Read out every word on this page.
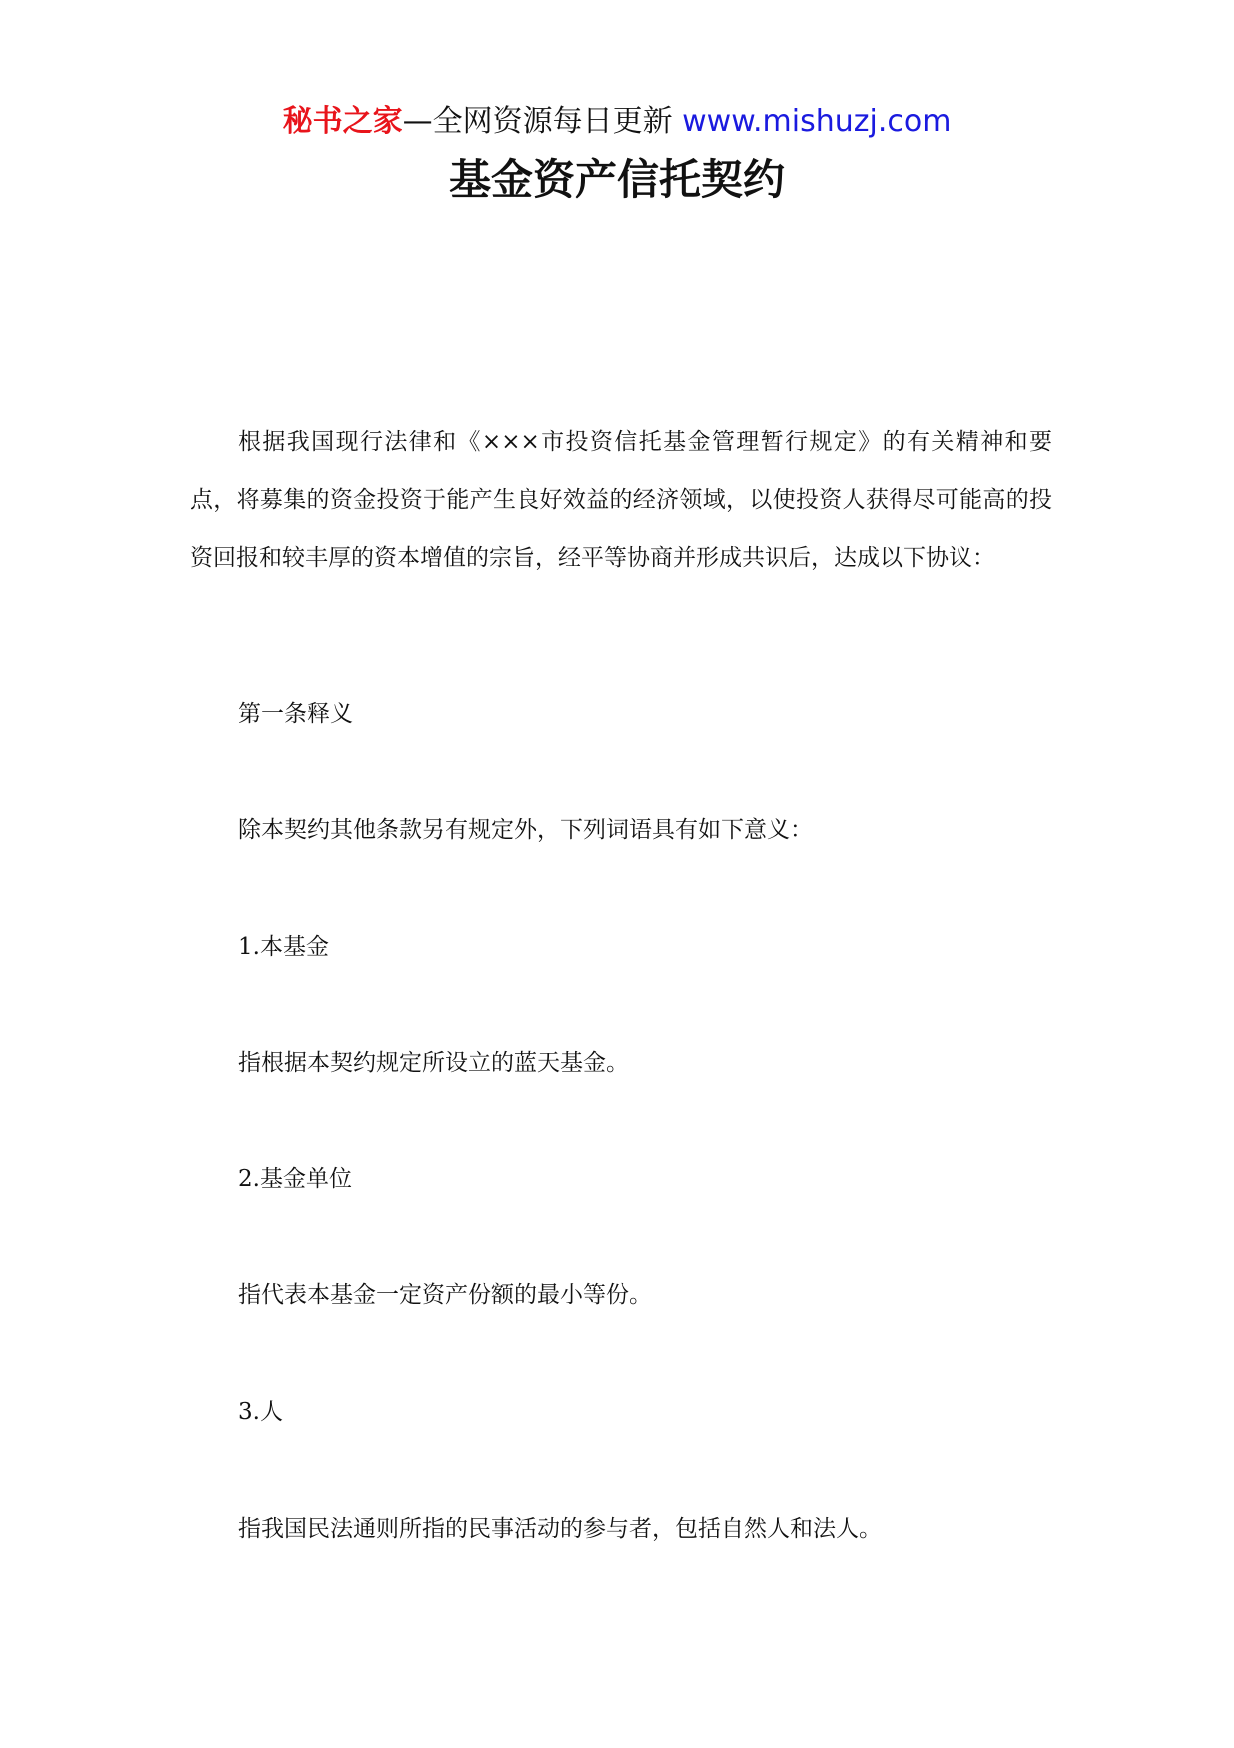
秘书之家—全网资源每日更新 www.mishuzj.com
基金资产信托契约

根据我国现行法律和《×××市投资信托基金管理暂行规定》的有关精神和要点，将募集的资金投资于能产生良好效益的经济领域，以使投资人获得尽可能高的投资回报和较丰厚的资本增值的宗旨，经平等协商并形成共识后，达成以下协议：

第一条释义

除本契约其他条款另有规定外，下列词语具有如下意义：

1.本基金

指根据本契约规定所设立的蓝天基金。

2.基金单位

指代表本基金一定资产份额的最小等份。

3.人

指我国民法通则所指的民事活动的参与者，包括自然人和法人。
